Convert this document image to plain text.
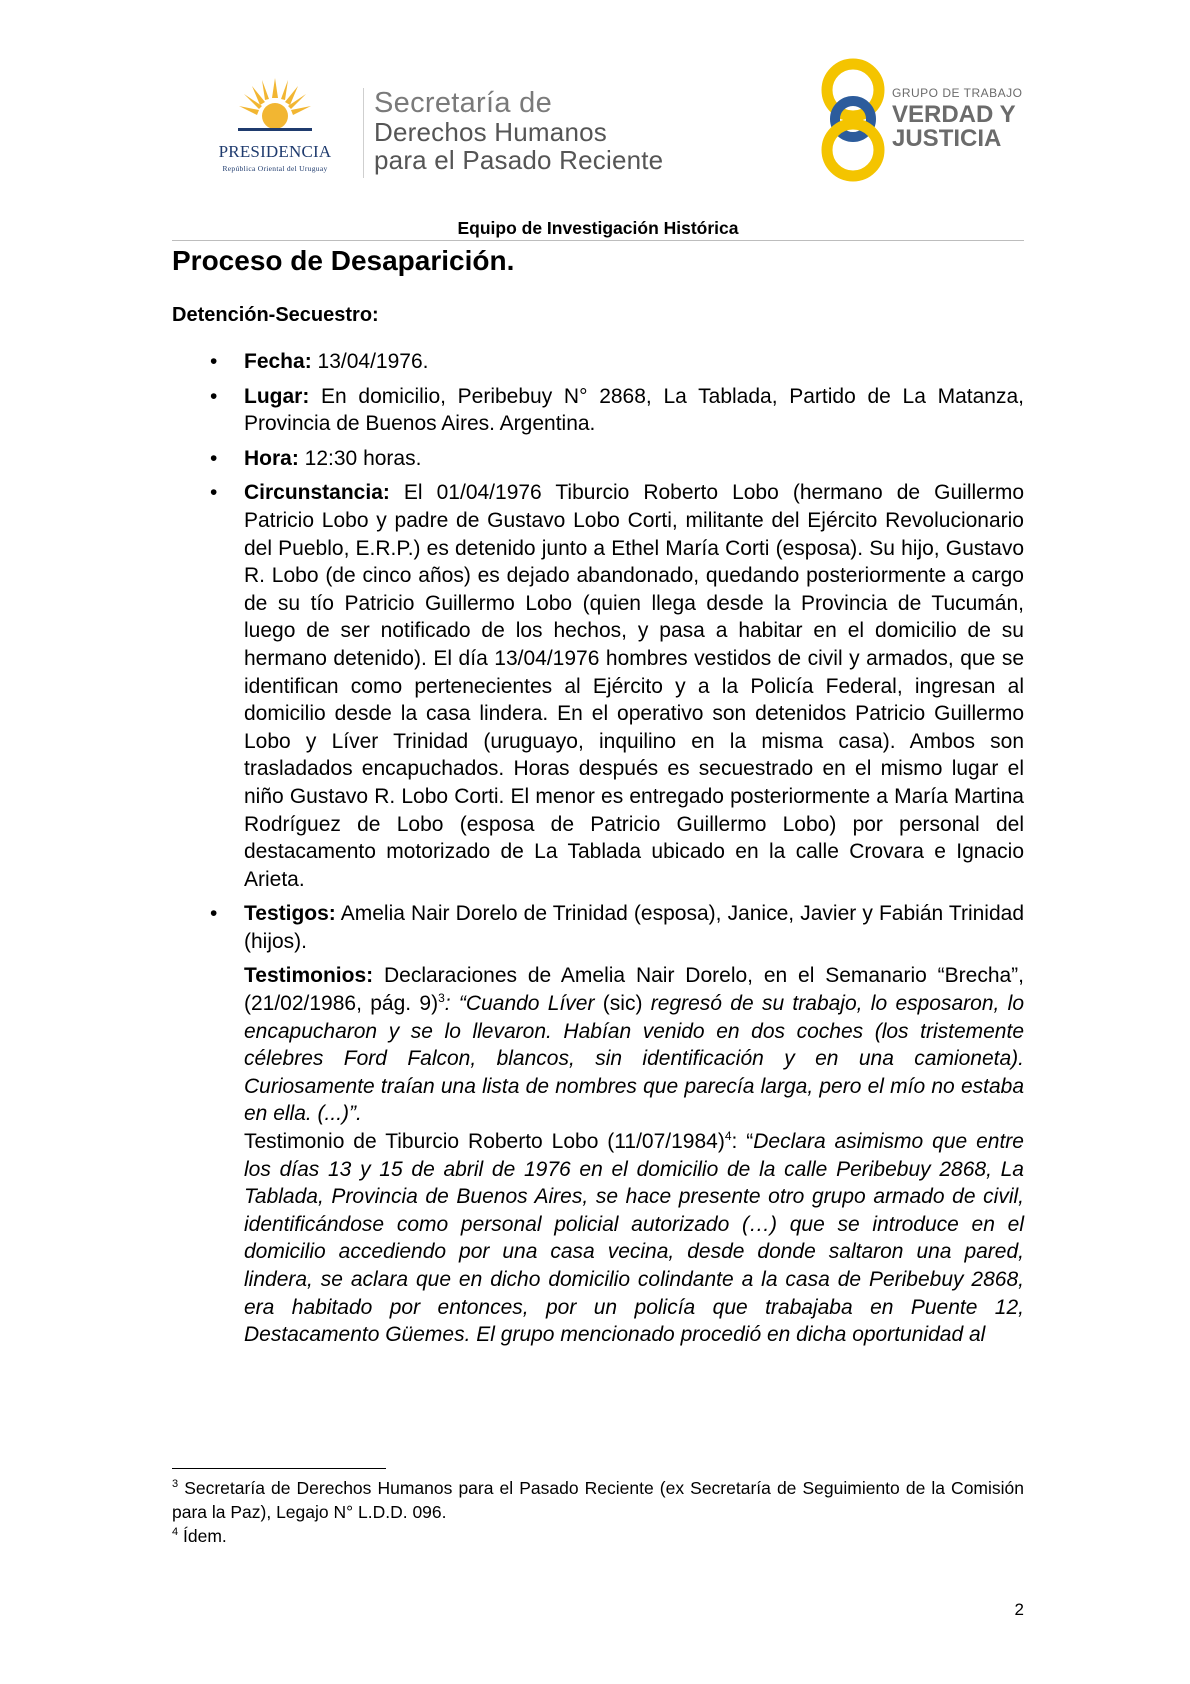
PRESIDENCIA
República Oriental del Uruguay
Secretaría de
Derechos Humanos
para el Pasado Reciente
GRUPO DE TRABAJO
VERDAD Y
JUSTICIA
Equipo de Investigación Histórica
Proceso de Desaparición.
Detención-Secuestro:
• Fecha: 13/04/1976.
• Lugar: En domicilio, Peribebuy N° 2868, La Tablada, Partido de La Matanza, Provincia de Buenos Aires. Argentina.
• Hora: 12:30 horas.
• Circunstancia: El 01/04/1976 Tiburcio Roberto Lobo (hermano de Guillermo Patricio Lobo y padre de Gustavo Lobo Corti, militante del Ejército Revolucionario del Pueblo, E.R.P.) es detenido junto a Ethel María Corti (esposa). Su hijo, Gustavo R. Lobo (de cinco años) es dejado abandonado, quedando posteriormente a cargo de su tío Patricio Guillermo Lobo (quien llega desde la Provincia de Tucumán, luego de ser notificado de los hechos, y pasa a habitar en el domicilio de su hermano detenido). El día 13/04/1976 hombres vestidos de civil y armados, que se identifican como pertenecientes al Ejército y a la Policía Federal, ingresan al domicilio desde la casa lindera. En el operativo son detenidos Patricio Guillermo Lobo y Líver Trinidad (uruguayo, inquilino en la misma casa). Ambos son trasladados encapuchados. Horas después es secuestrado en el mismo lugar el niño Gustavo R. Lobo Corti. El menor es entregado posteriormente a María Martina Rodríguez de Lobo (esposa de Patricio Guillermo Lobo) por personal del destacamento motorizado de La Tablada ubicado en la calle Crovara e Ignacio Arieta.
• Testigos: Amelia Nair Dorelo de Trinidad (esposa), Janice, Javier y Fabián Trinidad (hijos).

Testimonios: Declaraciones de Amelia Nair Dorelo, en el Semanario “Brecha”, (21/02/1986, pág. 9)$^3$: “Cuando Líver (sic) regresó de su trabajo, lo esposaron, lo encapucharon y se lo llevaron. Habían venido en dos coches (los tristemente célebres Ford Falcon, blancos, sin identificación y en una camioneta). Curiosamente traían una lista de nombres que parecía larga, pero el mío no estaba en ella. (...)”.

Testimonio de Tiburcio Roberto Lobo $(11/07/1984)^4$: “Declara asimismo que entre los días 13 y 15 de abril de 1976 en el domicilio de la calle Peribebuy 2868, La Tablada, Provincia de Buenos Aires, se hace presente otro grupo armado de civil, identificándose como personal policial autorizado (…) que se introduce en el domicilio accediendo por una casa vecina, desde donde saltaron una pared, lindera, se aclara que en dicho domicilio colindante a la casa de Peribebuy 2868, era habitado por entonces, por un policía que trabajaba en Puente 12, Destacamento Güemes. El grupo mencionado procedió en dicha oportunidad al

$^3$ Secretaría de Derechos Humanos para el Pasado Reciente (ex Secretaría de Seguimiento de la Comisión para la Paz), Legajo N° L.D.D. 096.

$^4$ Ídem.

2
